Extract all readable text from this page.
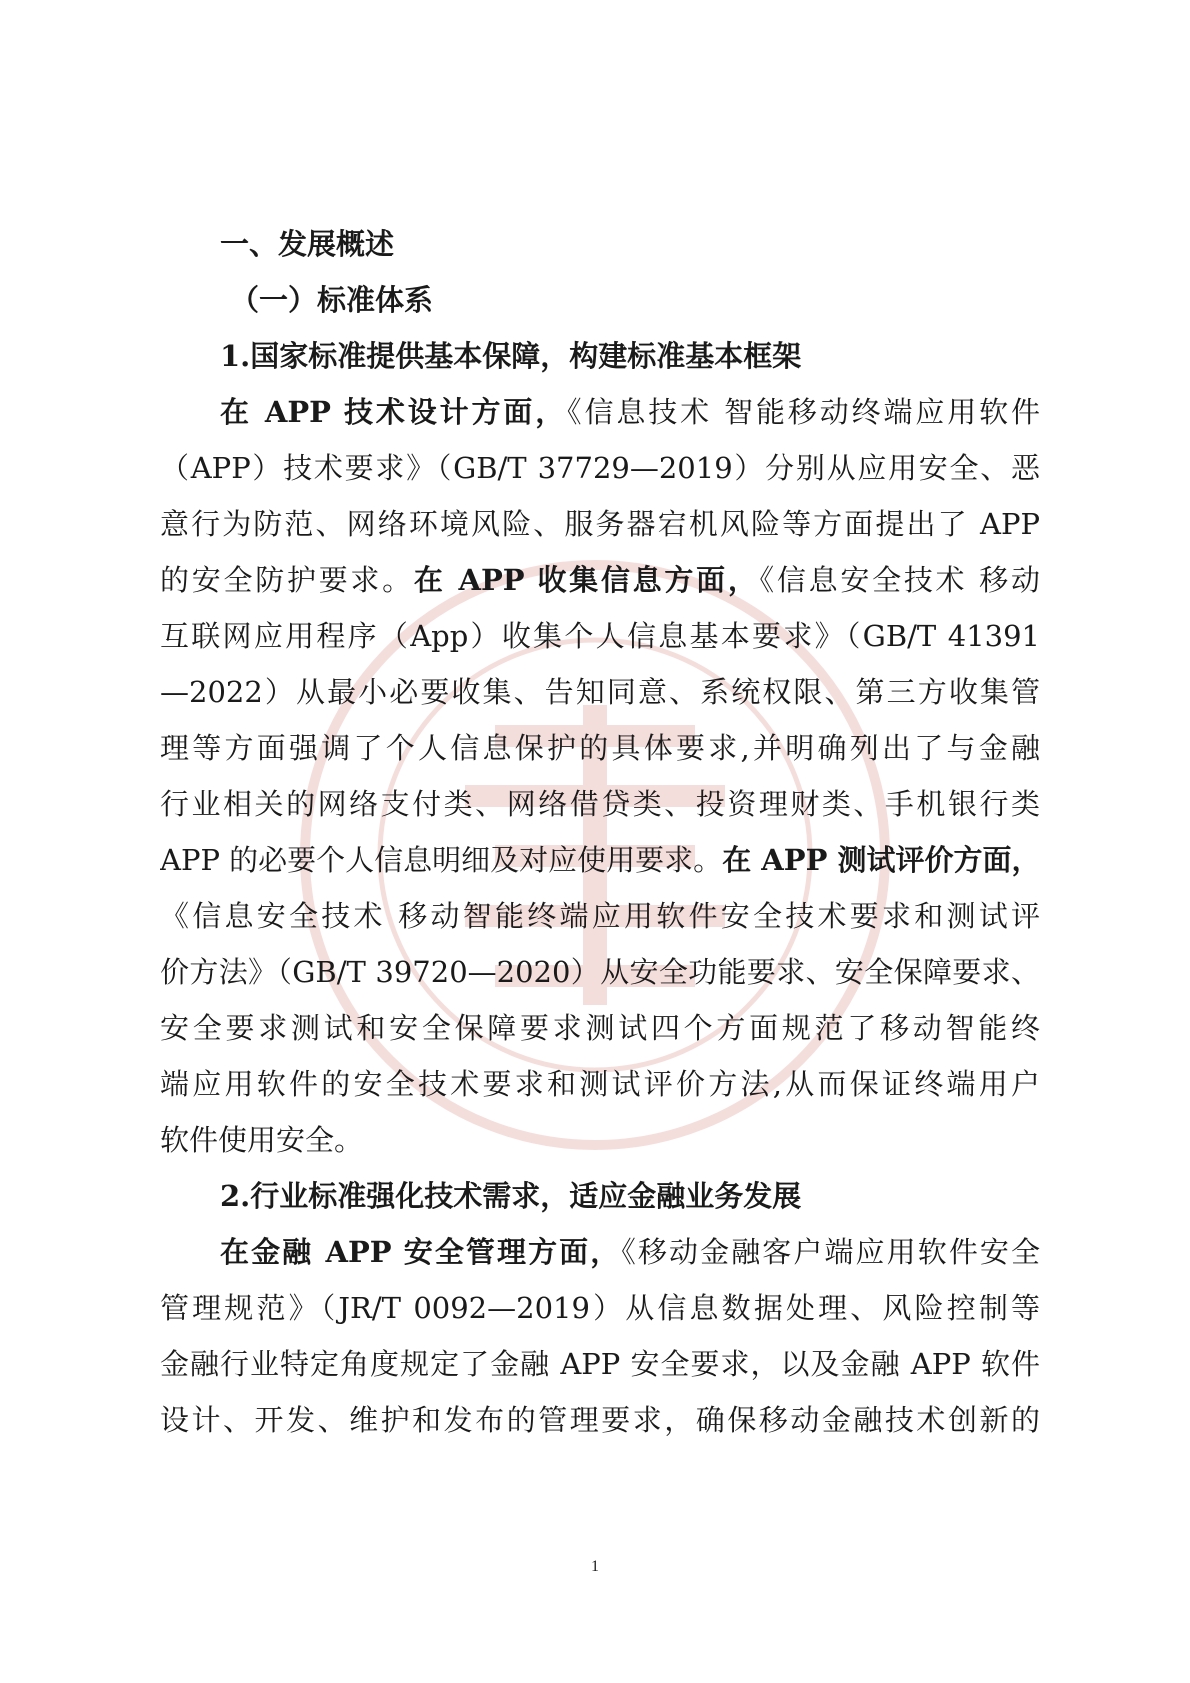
一、发展概述
（一）标准体系
1.国家标准提供基本保障，构建标准基本框架
在 APP 技术设计方面，《信息技术 智能移动终端应用软件
（APP）技术要求》（GB/T 37729—2019）分别从应用安全、恶
意行为防范、网络环境风险、服务器宕机风险等方面提出了 APP
的安全防护要求。在 APP 收集信息方面，《信息安全技术 移动
互联网应用程序（App）收集个人信息基本要求》（GB/T 41391
—2022）从最小必要收集、告知同意、系统权限、第三方收集管
理等方面强调了个人信息保护的具体要求,并明确列出了与金融
行业相关的网络支付类、网络借贷类、投资理财类、手机银行类
APP 的必要个人信息明细及对应使用要求。在 APP 测试评价方面，
《信息安全技术 移动智能终端应用软件安全技术要求和测试评
价方法》（GB/T 39720—2020）从安全功能要求、安全保障要求、
安全要求测试和安全保障要求测试四个方面规范了移动智能终
端应用软件的安全技术要求和测试评价方法,从而保证终端用户
软件使用安全。
2.行业标准强化技术需求，适应金融业务发展
在金融 APP 安全管理方面，《移动金融客户端应用软件安全
管理规范》（JR/T 0092—2019）从信息数据处理、风险控制等
金融行业特定角度规定了金融 APP 安全要求，以及金融 APP 软件
设计、开发、维护和发布的管理要求，确保移动金融技术创新的
1
